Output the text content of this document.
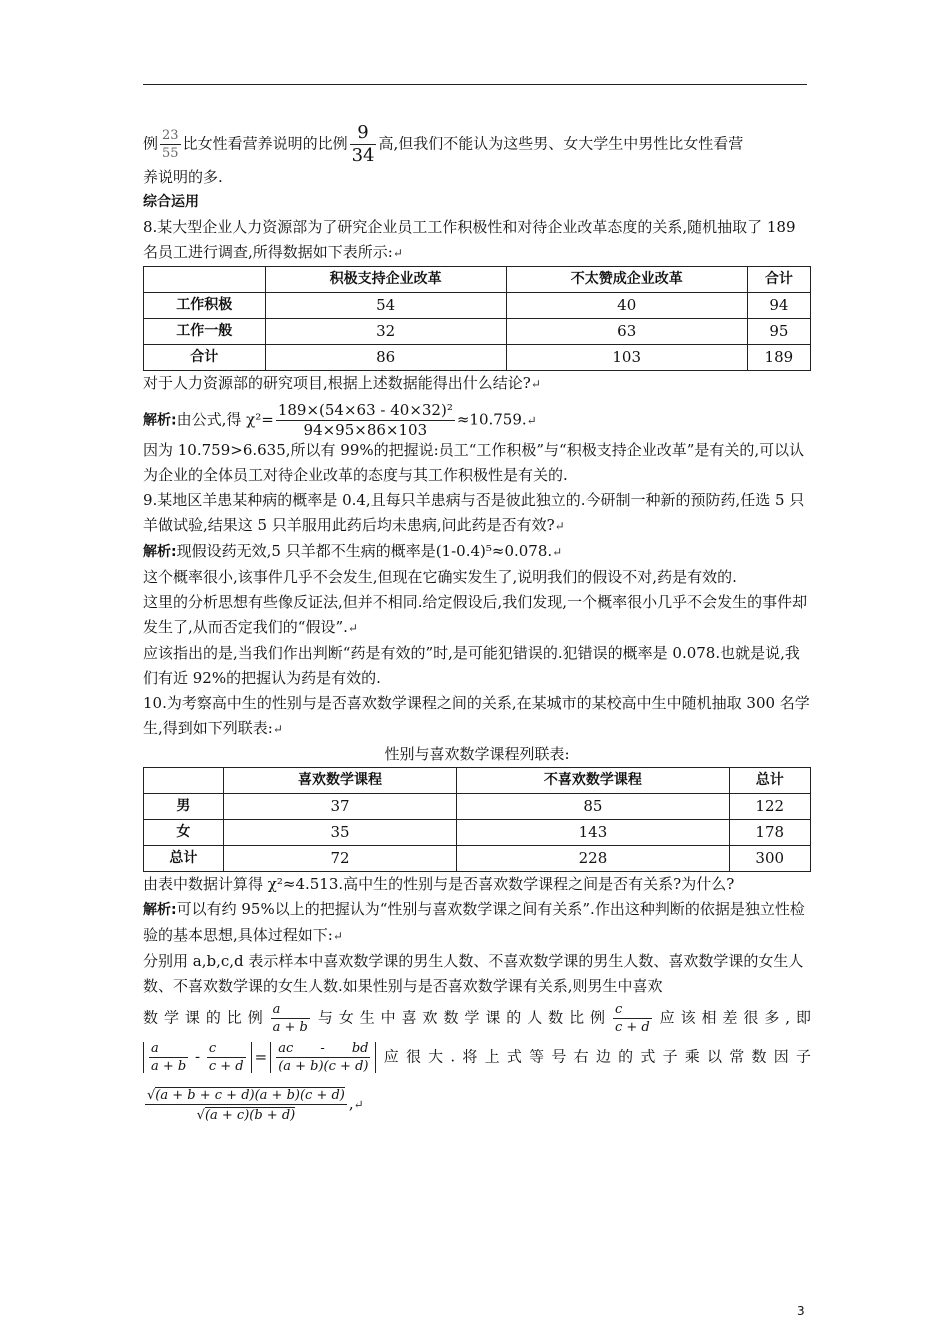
例 $\frac{23}{55}$ 比女性看营养说明的比例 $\frac{9}{34}$ 高,但我们不能认为这些男、女大学生中男性比女性看营

养说明的多.

综合运用

8.某大型企业人力资源部为了研究企业员工工作积极性和对待企业改革态度的关系,随机抽取了 189 名员工进行调查,所得数据如下表所示:↵

	积极支持企业改革	不太赞成企业改革	合计
工作积极	54	40	94
工作一般	32	63	95
合计	86	103	189

对于人力资源部的研究项目,根据上述数据能得出什么结论?↵

解析:由公式,得 $\chi^2= \frac{\text{189×(54×63 - 40×32)²}}{94\times 95\times 86\times 103}$ ≈10.759.↵

因为 10.759>6.635,所以有 99%的把握说:员工“工作积极”与“积极支持企业改革”是有关的,可以认为企业的全体员工对待企业改革的态度与其工作积极性是有关的.

9.某地区羊患某种病的概率是 0.4,且每只羊患病与否是彼此独立的.今研制一种新的预防药,任选 5 只羊做试验,结果这 5 只羊服用此药后均未患病,问此药是否有效?↵

解析:现假设药无效,5 只羊都不生病的概率是(1-0.4)⁵≈0.078.↵

这个概率很小,该事件几乎不会发生,但现在它确实发生了,说明我们的假设不对,药是有效的.

这里的分析思想有些像反证法,但并不相同.给定假设后,我们发现,一个概率很小几乎不会发生的事件却发生了,从而否定我们的“假设”.↵

应该指出的是,当我们作出判断“药是有效的”时,是可能犯错误的.犯错误的概率是 0.078.也就是说,我们有近 92%的把握认为药是有效的.

10.为考察高中生的性别与是否喜欢数学课程之间的关系,在某城市的某校高中生中随机抽取 300 名学生,得到如下列联表:↵

性别与喜欢数学课程列联表:

	喜欢数学课程	不喜欢数学课程	总计
男	37	85	122
女	35	143	178
总计	72	228	300

由表中数据计算得 χ²≈4.513.高中生的性别与是否喜欢数学课程之间是否有关系?为什么?

解析:可以有约 95%以上的把握认为“性别与喜欢数学课之间有关系”.作出这种判断的依据是独立性检验的基本思想,具体过程如下:↵

分别用 a,b,c,d 表示样本中喜欢数学课的男生人数、不喜欢数学课的男生人数、喜欢数学课的女生人数、不喜欢数学课的女生人数.如果性别与是否喜欢数学课有关系,则男生中喜欢

数学课的比例 $\frac{a}{a + b}$ 与女生中喜欢数学课的人数比例 $\frac{c}{c + d}$ 应该相差很多,即

$\frac{a}{a + b} - \frac{c}{c + d} = \frac{ac - bd}{(a + b)(c + d)}$ 应很大.将上式等号右边的式子乘以常数因子

$\frac{√(a + b + c + d)(a + b)(c + d)}{√(a + c)(b + d)}$ ,↵

3
